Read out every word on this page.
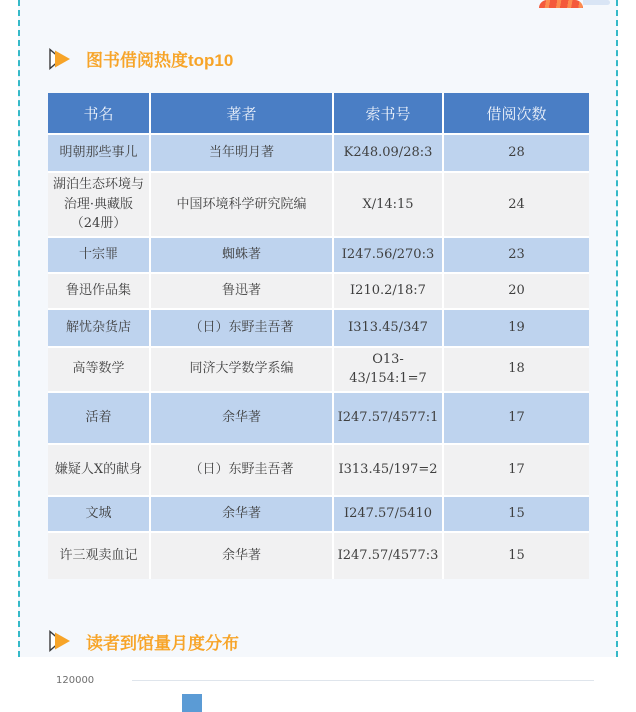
图书借阅热度top10
书名	著者	索书号	借阅次数
明朝那些事儿	当年明月著	K248.09/28:3	28
湖泊生态环境与治理·典藏版（24册）	中国环境科学研究院编	X/14:15	24
十宗罪	蜘蛛著	I247.56/270:3	23
鲁迅作品集	鲁迅著	I210.2/18:7	20
解忧杂货店	（日）东野圭吾著	I313.45/347	19
高等数学	同济大学数学系编	O13-43/154:1=7	18
活着	余华著	I247.57/4577:1	17
嫌疑人X的献身	（日）东野圭吾著	I313.45/197=2	17
文城	余华著	I247.57/5410	15
许三观卖血记	余华著	I247.57/4577:3	15
读者到馆量月度分布
120000
